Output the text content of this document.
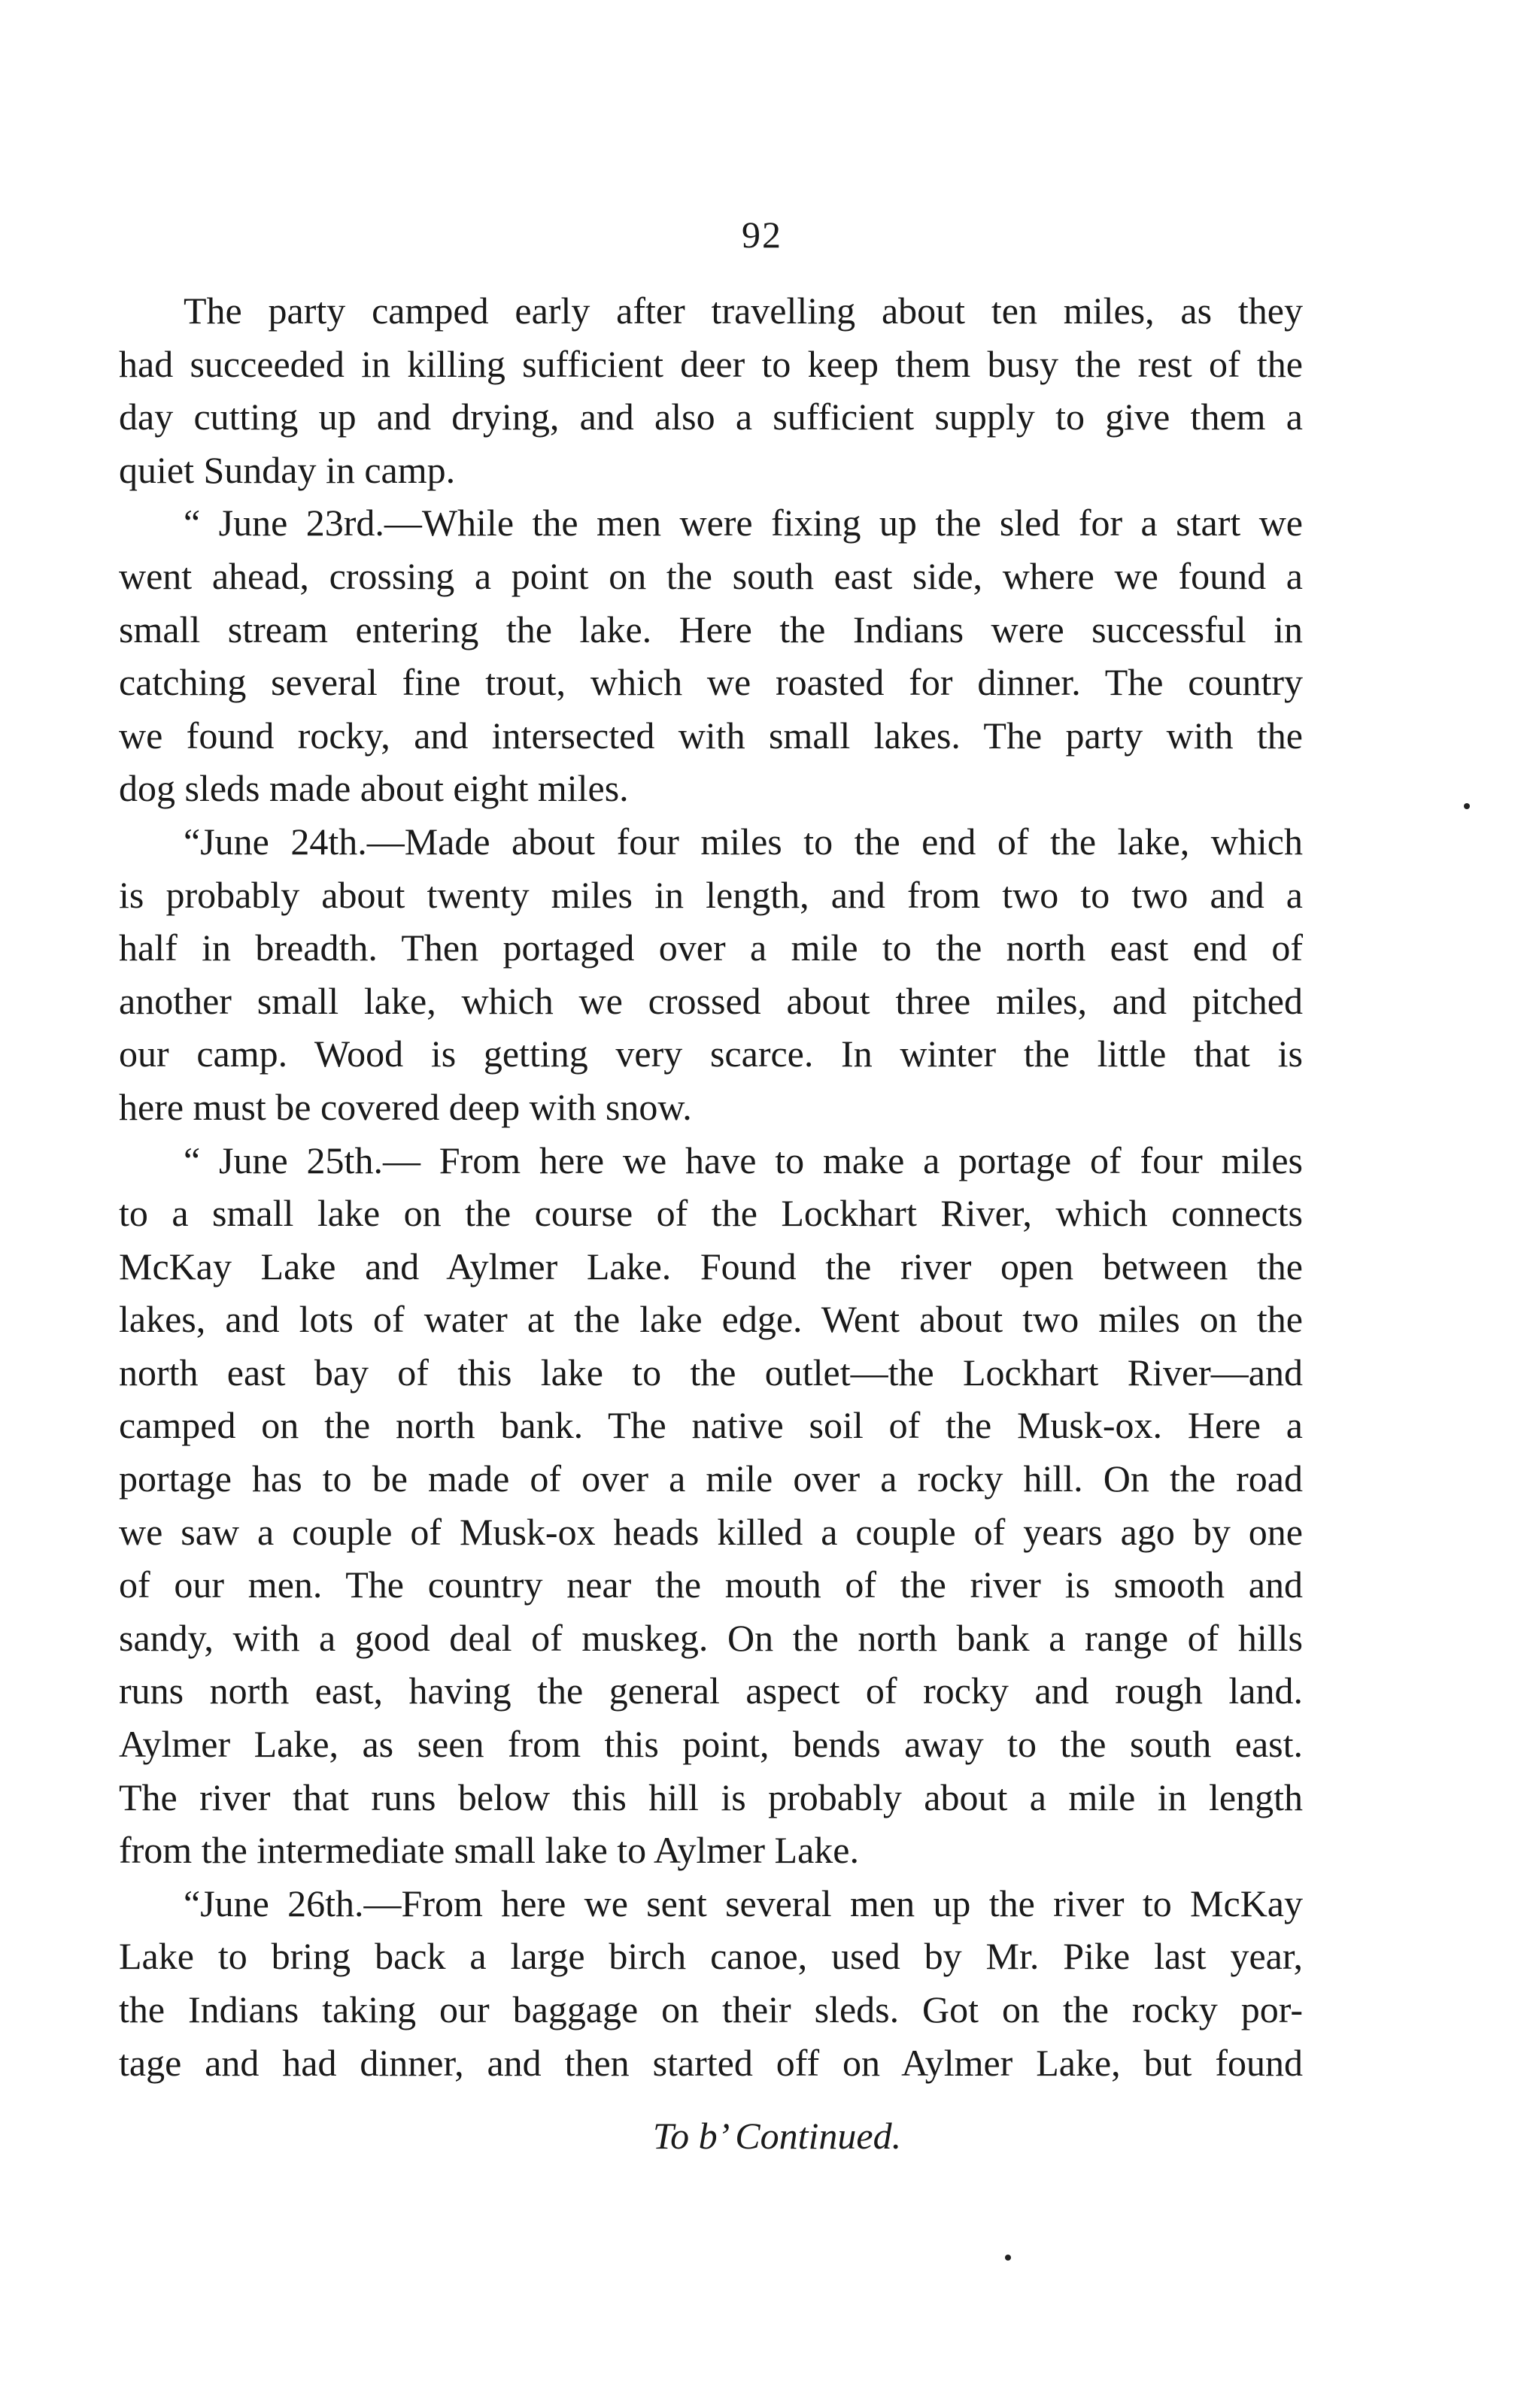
92

The party camped early after travelling about ten miles, as they
had succeeded in killing sufficient deer to keep them busy the rest of the
day cutting up and drying, and also a sufficient supply to give them a
quiet Sunday in camp.

“ June 23rd.—While the men were fixing up the sled for a start we
went ahead, crossing a point on the south east side, where we found a
small stream entering the lake. Here the Indians were successful in
catching several fine trout, which we roasted for dinner. The country
we found rocky, and intersected with small lakes. The party with the
dog sleds made about eight miles.

“June 24th.—Made about four miles to the end of the lake, which
is probably about twenty miles in length, and from two to two and a
half in breadth. Then portaged over a mile to the north east end of
another small lake, which we crossed about three miles, and pitched
our camp. Wood is getting very scarce. In winter the little that is
here must be covered deep with snow.

“ June 25th.— From here we have to make a portage of four miles
to a small lake on the course of the Lockhart River, which connects
McKay Lake and Aylmer Lake. Found the river open between the
lakes, and lots of water at the lake edge. Went about two miles on the
north east bay of this lake to the outlet—the Lockhart River—and
camped on the north bank. The native soil of the Musk-ox. Here a
portage has to be made of over a mile over a rocky hill. On the road
we saw a couple of Musk-ox heads killed a couple of years ago by one
of our men. The country near the mouth of the river is smooth and
sandy, with a good deal of muskeg. On the north bank a range of hills
runs north east, having the general aspect of rocky and rough land.
Aylmer Lake, as seen from this point, bends away to the south east.
The river that runs below this hill is probably about a mile in length
from the intermediate small lake to Aylmer Lake.

“June 26th.—From here we sent several men up the river to McKay
Lake to bring back a large birch canoe, used by Mr. Pike last year,
the Indians taking our baggage on their sleds. Got on the rocky por-
tage and had dinner, and then started off on Aylmer Lake, but found

To b’ Continued.
